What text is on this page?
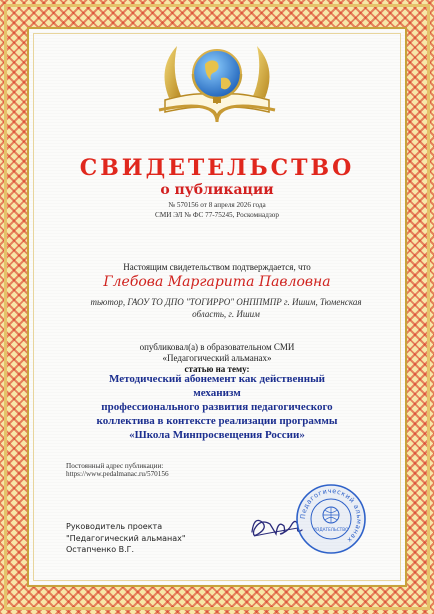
СВИДЕТЕЛЬСТВО
о публикации
№ 570156 от 8 апреля 2026 года
СМИ ЭЛ № ФС 77-75245, Роскомнадзор
Настоящим свидетельством подтверждается, что
Глебова Маргарита Павловна
тьютор, ГАОУ ТО ДПО "ТОГИРРО" ОНППМПР г. Ишим, Тюменская
область, г. Ишим
опубликовал(а) в образовательном СМИ
«Педагогический альманах»
статью на тему:
Методический абонемент как действенный механизм
профессионального развития педагогического
коллектива в контексте реализации программы
«Школа Минпросвещения России»
Постоянный адрес публикации:
https://www.pedalmanac.ru/570156
Руководитель проекта
"Педагогический альманах"
Остапченко В.Г.
Педагогический альманах
ИЗДАТЕЛЬСТВО
